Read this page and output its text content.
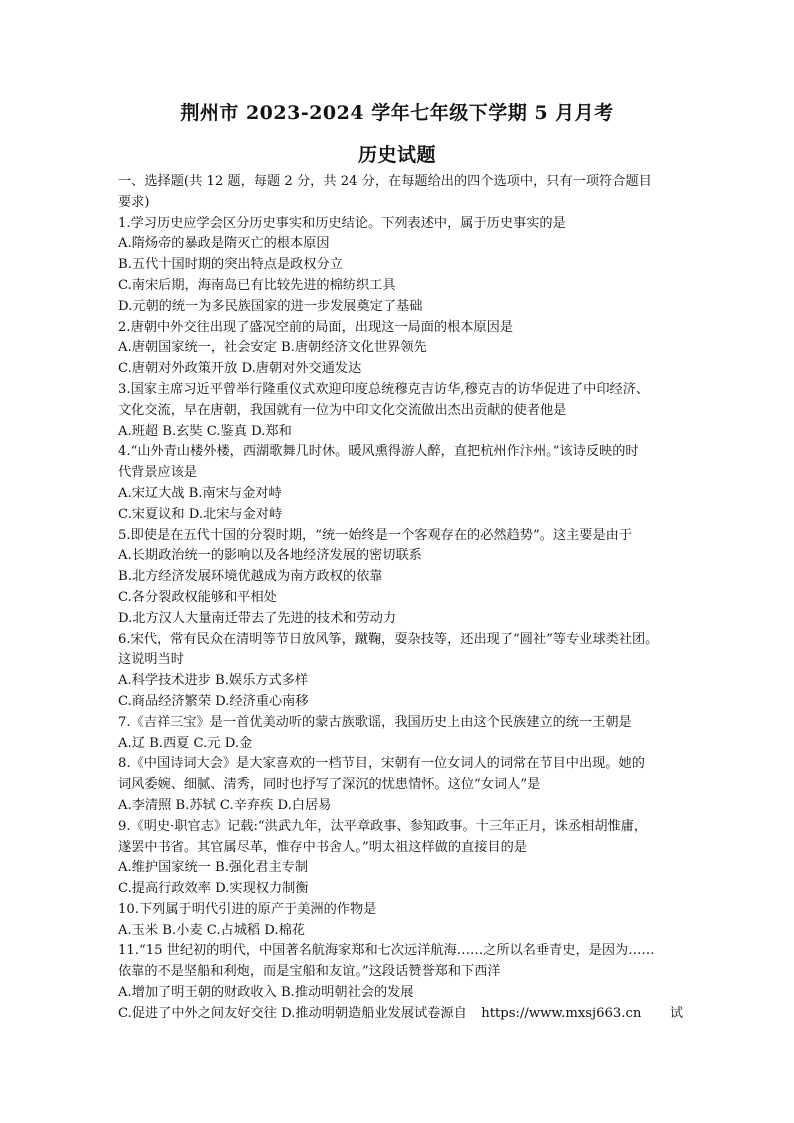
荆州市 2023-2024 学年七年级下学期 5 月月考
历史试题
一、选择题(共 12 题，每题 2 分，共 24 分，在每题给出的四个选项中，只有一项符合题目
要求)
1.学习历史应学会区分历史事实和历史结论。下列表述中，属于历史事实的是
A.隋炀帝的暴政是隋灭亡的根本原因
B.五代十国时期的突出特点是政权分立
C.南宋后期，海南岛已有比较先进的棉纺织工具
D.元朝的统一为多民族国家的进一步发展奠定了基础
2.唐朝中外交往出现了盛况空前的局面，出现这一局面的根本原因是
A.唐朝国家统一，社会安定 B.唐朝经济文化世界领先
C.唐朝对外政策开放 D.唐朝对外交通发达
3.国家主席习近平曾举行隆重仪式欢迎印度总统穆克吉访华,穆克吉的访华促进了中印经济、
文化交流，早在唐朝，我国就有一位为中印文化交流做出杰出贡献的使者他是
A.班超 B.玄奘 C.鉴真 D.郑和
4.“山外青山楼外楼，西湖歌舞几时休。暖风熏得游人醉，直把杭州作汴州。”该诗反映的时
代背景应该是
A.宋辽大战 B.南宋与金对峙
C.宋夏议和 D.北宋与金对峙
5.即使是在五代十国的分裂时期，“统一始终是一个客观存在的必然趋势”。这主要是由于
A.长期政治统一的影响以及各地经济发展的密切联系
B.北方经济发展环境优越成为南方政权的依靠
C.各分裂政权能够和平相处
D.北方汉人大量南迁带去了先进的技术和劳动力
6.宋代，常有民众在清明等节日放风筝，蹴鞠，耍杂技等，还出现了“圆社”等专业球类社团。
这说明当时
A.科学技术进步 B.娱乐方式多样
C.商品经济繁荣 D.经济重心南移
7.《吉祥三宝》是一首优美动听的蒙古族歌谣，我国历史上由这个民族建立的统一王朝是
A.辽 B.西夏 C.元 D.金
8.《中国诗词大会》是大家喜欢的一档节目，宋朝有一位女词人的词常在节目中出现。她的
词风委婉、细腻、清秀，同时也抒写了深沉的忧患情怀。这位“女词人”是
A.李清照 B.苏轼 C.辛弃疾 D.白居易
9.《明史·职官志》记载:“洪武九年，汰平章政事、参知政事。十三年正月，诛丞相胡惟庸，
遂罢中书省。其官属尽革，惟存中书舍人。”明太祖这样做的直接目的是
A.维护国家统一 B.强化君主专制
C.提高行政效率 D.实现权力制衡
10.下列属于明代引进的原产于美洲的作物是
A.玉米 B.小麦 C.占城稻 D.棉花
11.“15 世纪初的明代，中国著名航海家郑和七次远洋航海……之所以名垂青史，是因为……
依靠的不是坚船和利炮，而是宝船和友谊。”这段话赞誉郑和下西洋
A.增加了明王朝的财政收入 B.推动明朝社会的发展
C.促进了中外之间友好交往 D.推动明朝造船业发展试卷源自 https://www.mxsj663.cn 试
